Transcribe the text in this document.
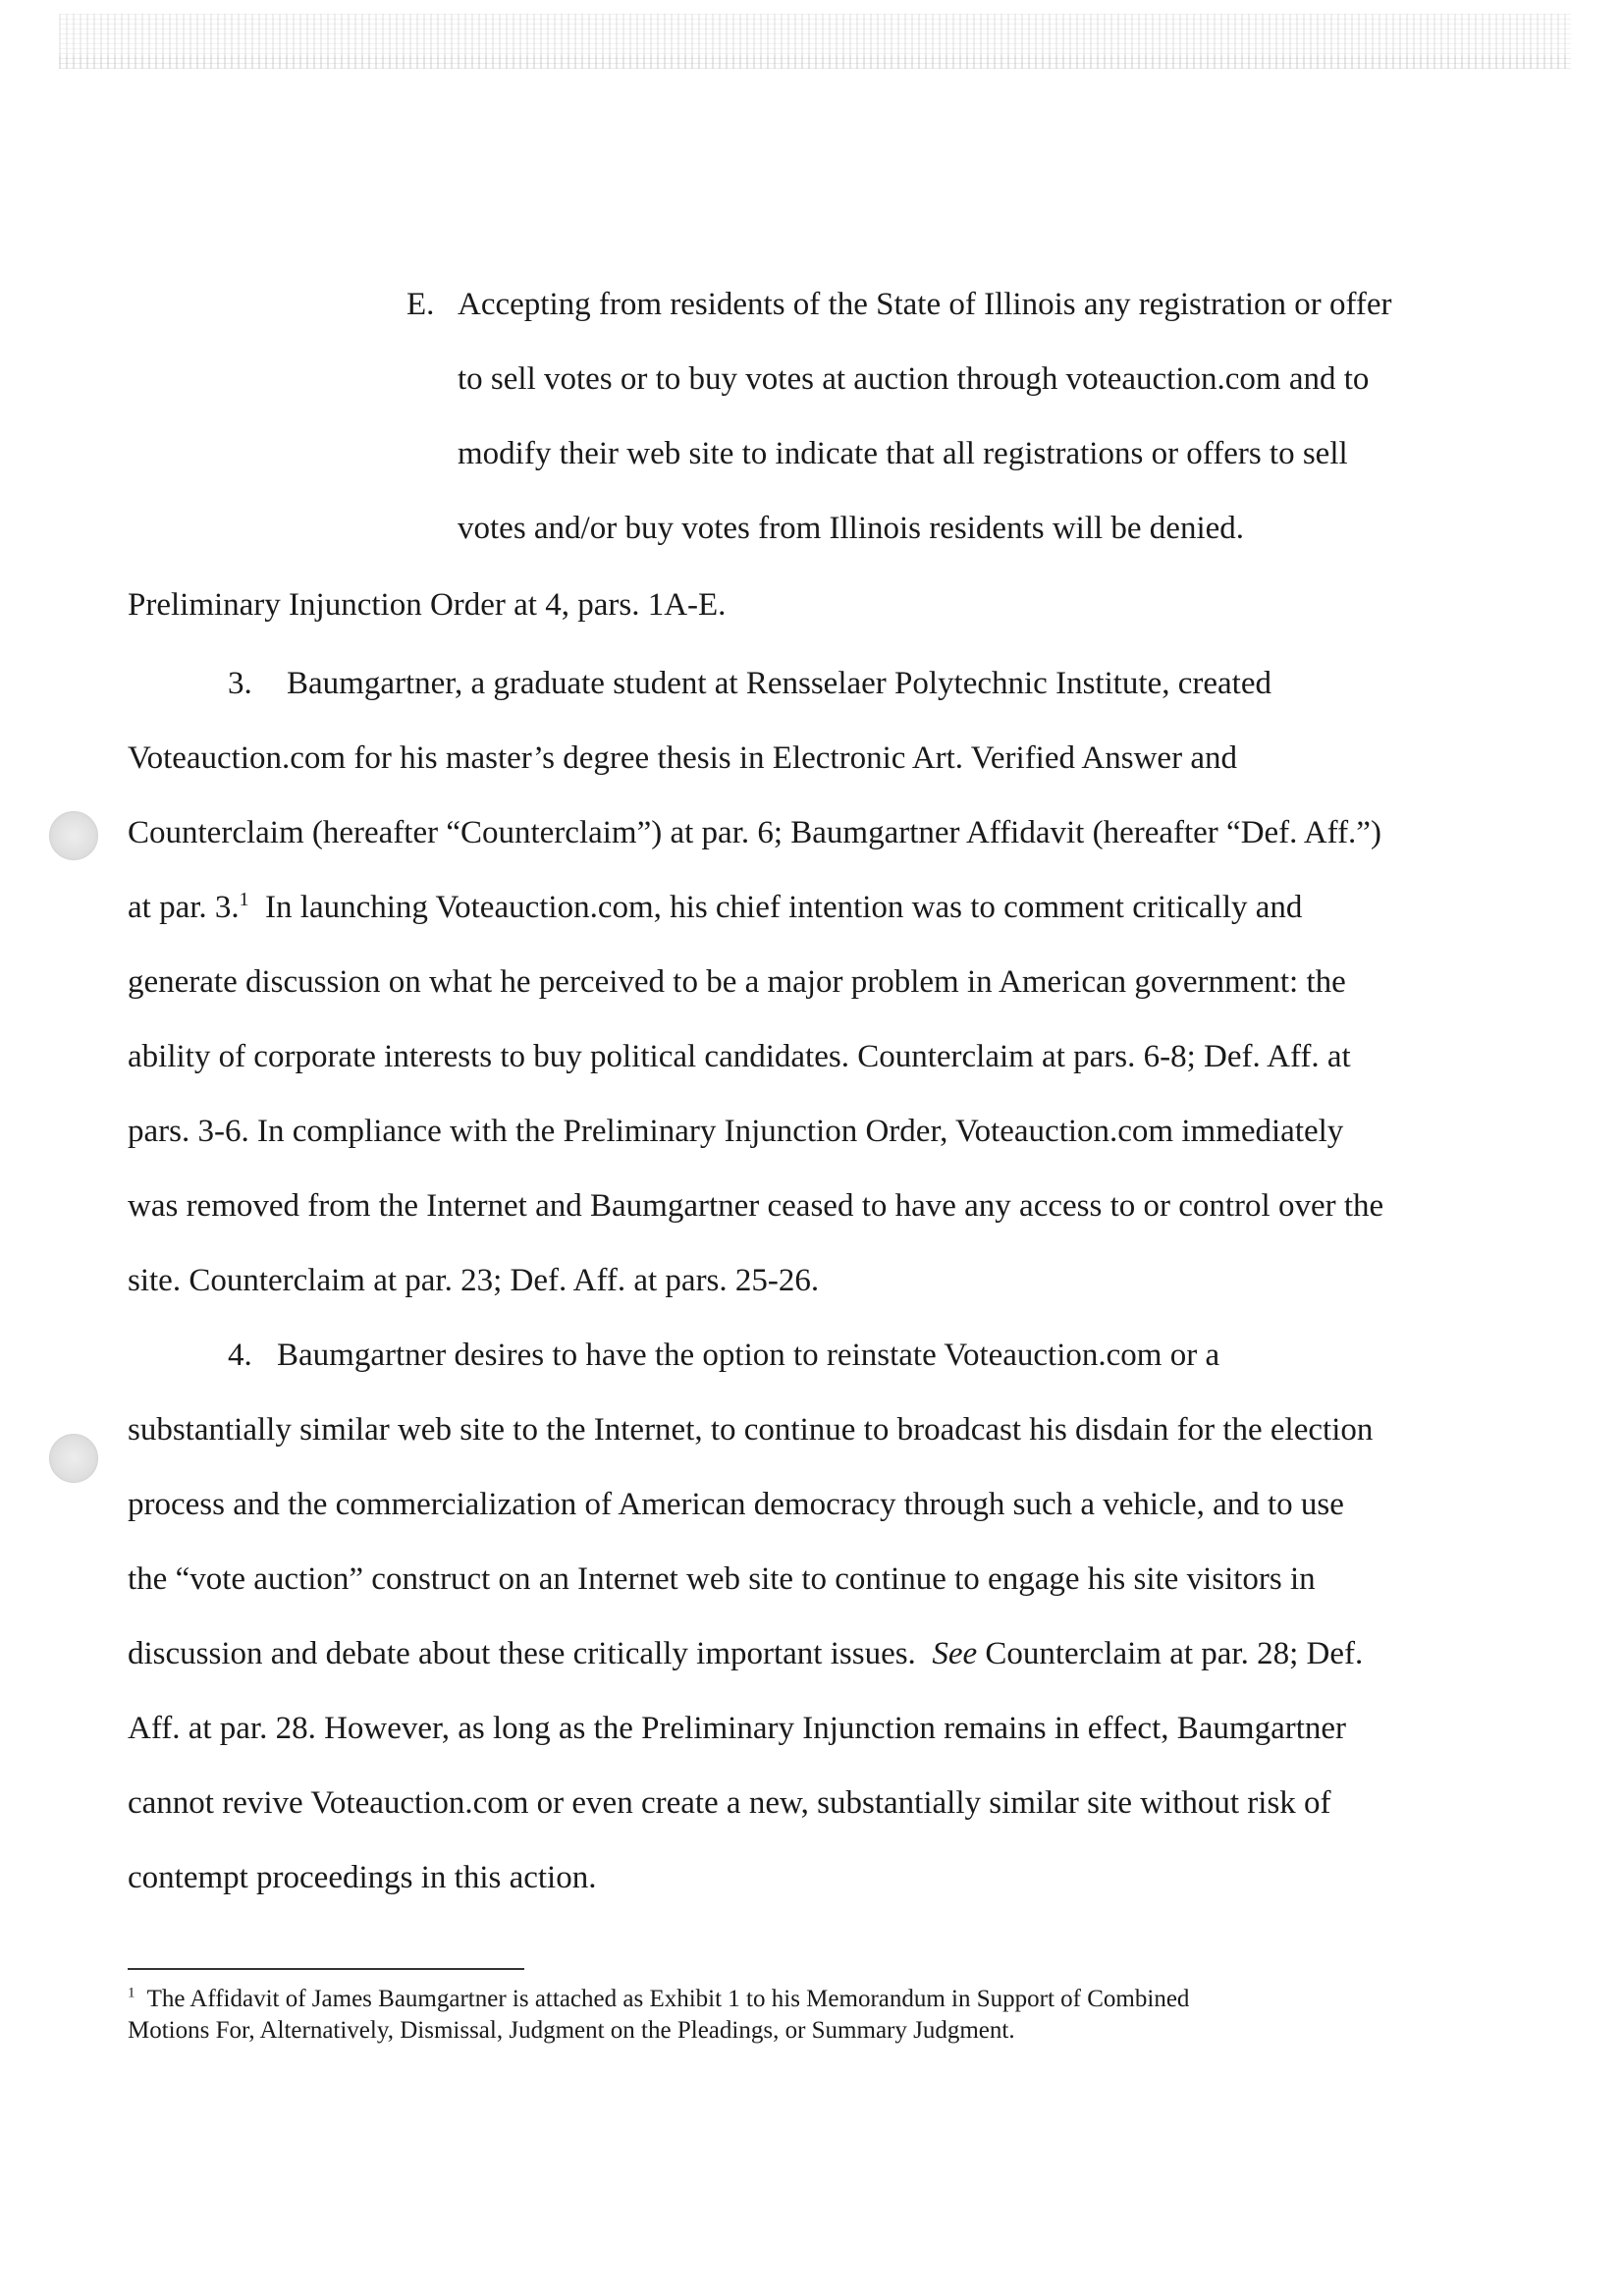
E. Accepting from residents of the State of Illinois any registration or offer
to sell votes or to buy votes at auction through voteauction.com and to
modify their web site to indicate that all registrations or offers to sell
votes and/or buy votes from Illinois residents will be denied.
Preliminary Injunction Order at 4, pars. 1A-E.
3. Baumgartner, a graduate student at Rensselaer Polytechnic Institute, created
Voteauction.com for his master’s degree thesis in Electronic Art. Verified Answer and
Counterclaim (hereafter “Counterclaim”) at par. 6; Baumgartner Affidavit (hereafter “Def. Aff.”)
at par. 3.$^1$ In launching Voteauction.com, his chief intention was to comment critically and
generate discussion on what he perceived to be a major problem in American government: the
ability of corporate interests to buy political candidates. Counterclaim at pars. 6-8; Def. Aff. at
pars. 3-6. In compliance with the Preliminary Injunction Order, Voteauction.com immediately
was removed from the Internet and Baumgartner ceased to have any access to or control over the
site. Counterclaim at par. 23; Def. Aff. at pars. 25-26.
4. Baumgartner desires to have the option to reinstate Voteauction.com or a
substantially similar web site to the Internet, to continue to broadcast his disdain for the election
process and the commercialization of American democracy through such a vehicle, and to use
the “vote auction” construct on an Internet web site to continue to engage his site visitors in
discussion and debate about these critically important issues. See Counterclaim at par. 28; Def.
Aff. at par. 28. However, as long as the Preliminary Injunction remains in effect, Baumgartner
cannot revive Voteauction.com or even create a new, substantially similar site without risk of
contempt proceedings in this action.
$^1$ The Affidavit of James Baumgartner is attached as Exhibit 1 to his Memorandum in Support of Combined
Motions For, Alternatively, Dismissal, Judgment on the Pleadings, or Summary Judgment.
